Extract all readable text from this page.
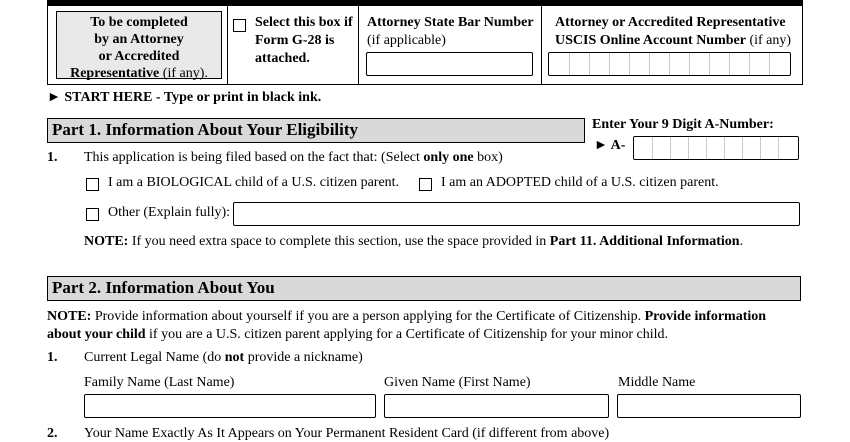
To be completed
by an Attorney
or Accredited
Representative (if any).
Select this box if
Form G-28 is
attached.
Attorney State Bar Number
(if applicable)
Attorney or Accredited Representative
USCIS Online Account Number (if any)
► START HERE - Type or print in black ink.
Part 1. Information About Your Eligibility	Enter Your 9 Digit A-Number:
► A-
1. This application is being filed based on the fact that: (Select only one box)
I am a BIOLOGICAL child of a U.S. citizen parent.	I am an ADOPTED child of a U.S. citizen parent.
Other (Explain fully):
NOTE: If you need extra space to complete this section, use the space provided in Part 11. Additional Information.
Part 2. Information About You
NOTE: Provide information about yourself if you are a person applying for the Certificate of Citizenship. Provide information
about your child if you are a U.S. citizen parent applying for a Certificate of Citizenship for your minor child.
1. Current Legal Name (do not provide a nickname)
Family Name (Last Name)	Given Name (First Name)	Middle Name
2. Your Name Exactly As It Appears on Your Permanent Resident Card (if different from above)
